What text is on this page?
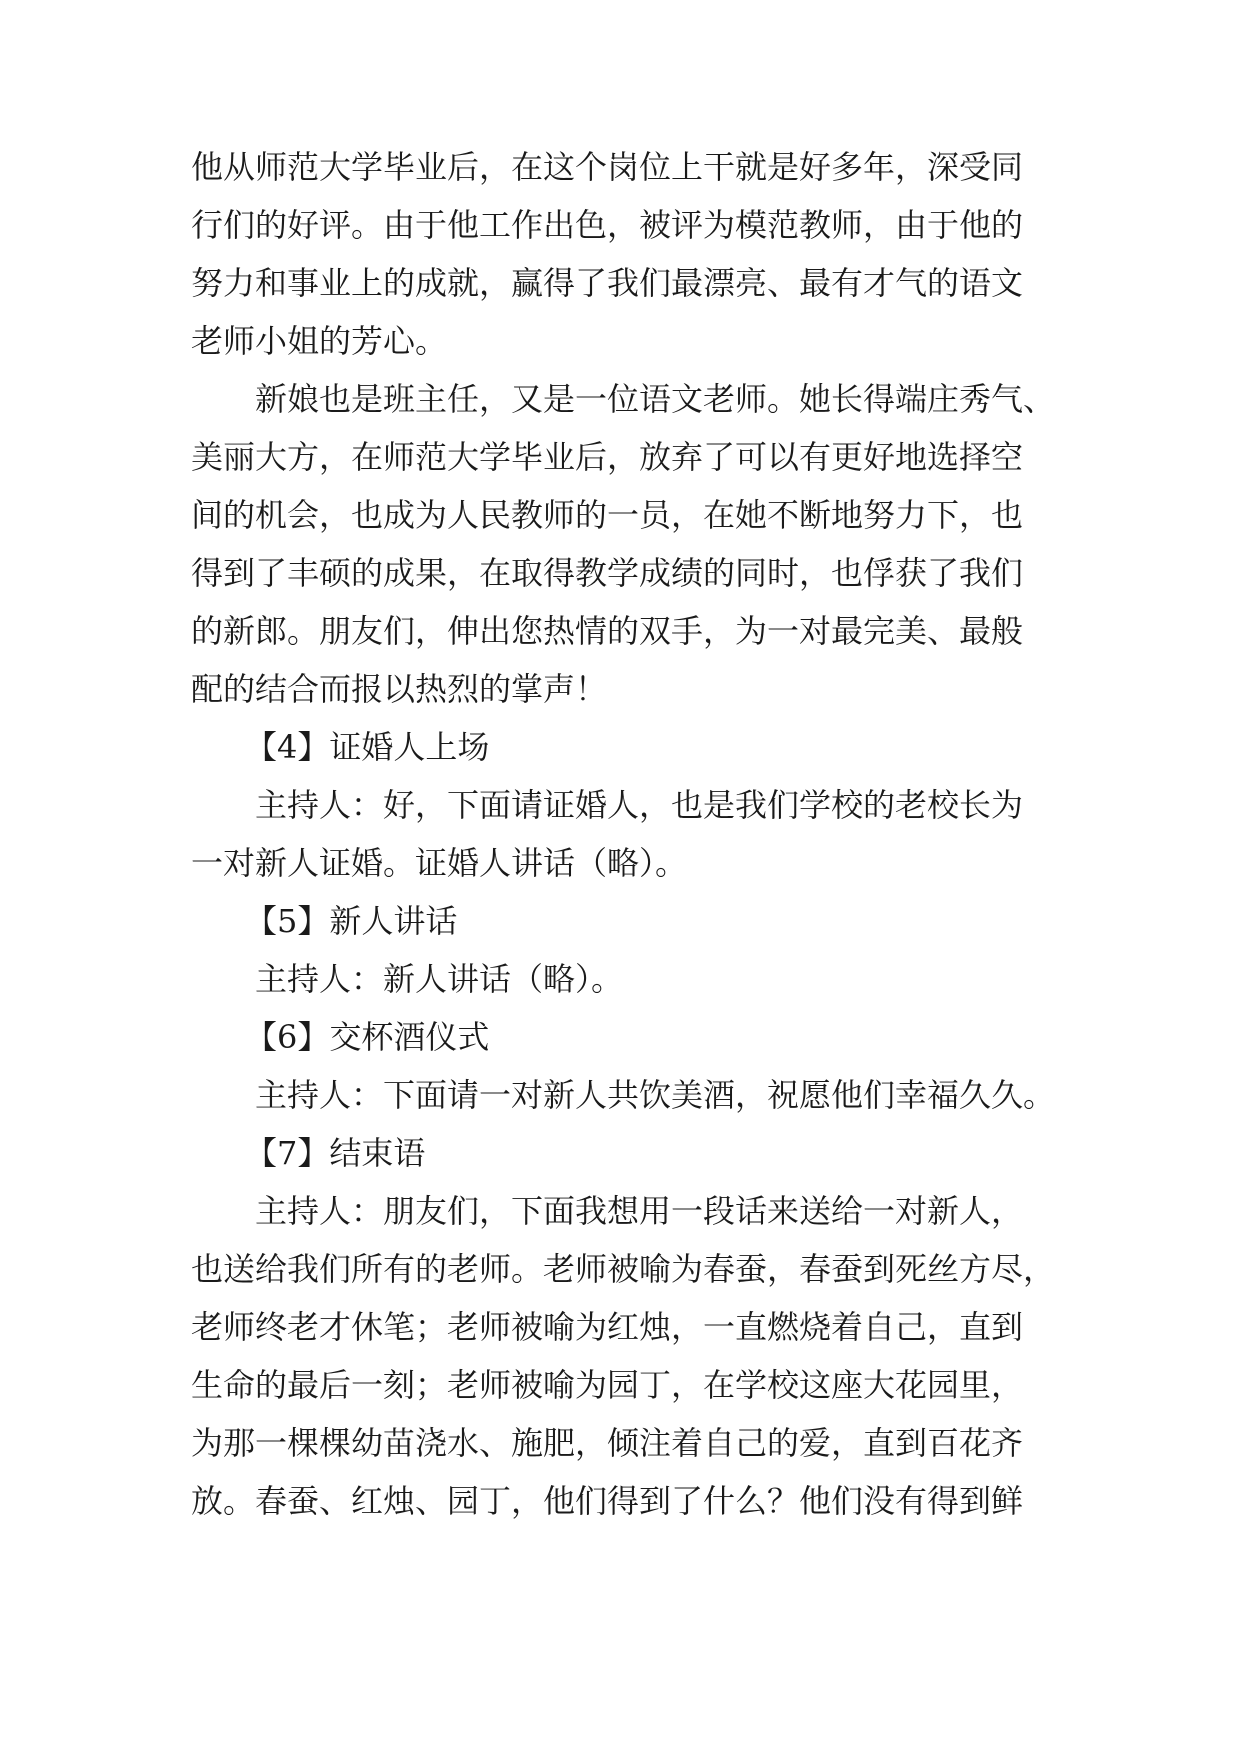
他从师范大学毕业后，在这个岗位上干就是好多年，深受同
行们的好评。由于他工作出色，被评为模范教师，由于他的
努力和事业上的成就，赢得了我们最漂亮、最有才气的语文
老师小姐的芳心。
新娘也是班主任，又是一位语文老师。她长得端庄秀气、
美丽大方，在师范大学毕业后，放弃了可以有更好地选择空
间的机会，也成为人民教师的一员，在她不断地努力下，也
得到了丰硕的成果，在取得教学成绩的同时，也俘获了我们
的新郎。朋友们，伸出您热情的双手，为一对最完美、最般
配的结合而报以热烈的掌声！
【4】证婚人上场
主持人：好，下面请证婚人，也是我们学校的老校长为
一对新人证婚。证婚人讲话（略）。
【5】新人讲话
主持人：新人讲话（略）。
【6】交杯酒仪式
主持人：下面请一对新人共饮美酒，祝愿他们幸福久久。
【7】结束语
主持人：朋友们，下面我想用一段话来送给一对新人，
也送给我们所有的老师。老师被喻为春蚕，春蚕到死丝方尽，
老师终老才休笔；老师被喻为红烛，一直燃烧着自己，直到
生命的最后一刻；老师被喻为园丁，在学校这座大花园里，
为那一棵棵幼苗浇水、施肥，倾注着自己的爱，直到百花齐
放。春蚕、红烛、园丁，他们得到了什么？他们没有得到鲜
